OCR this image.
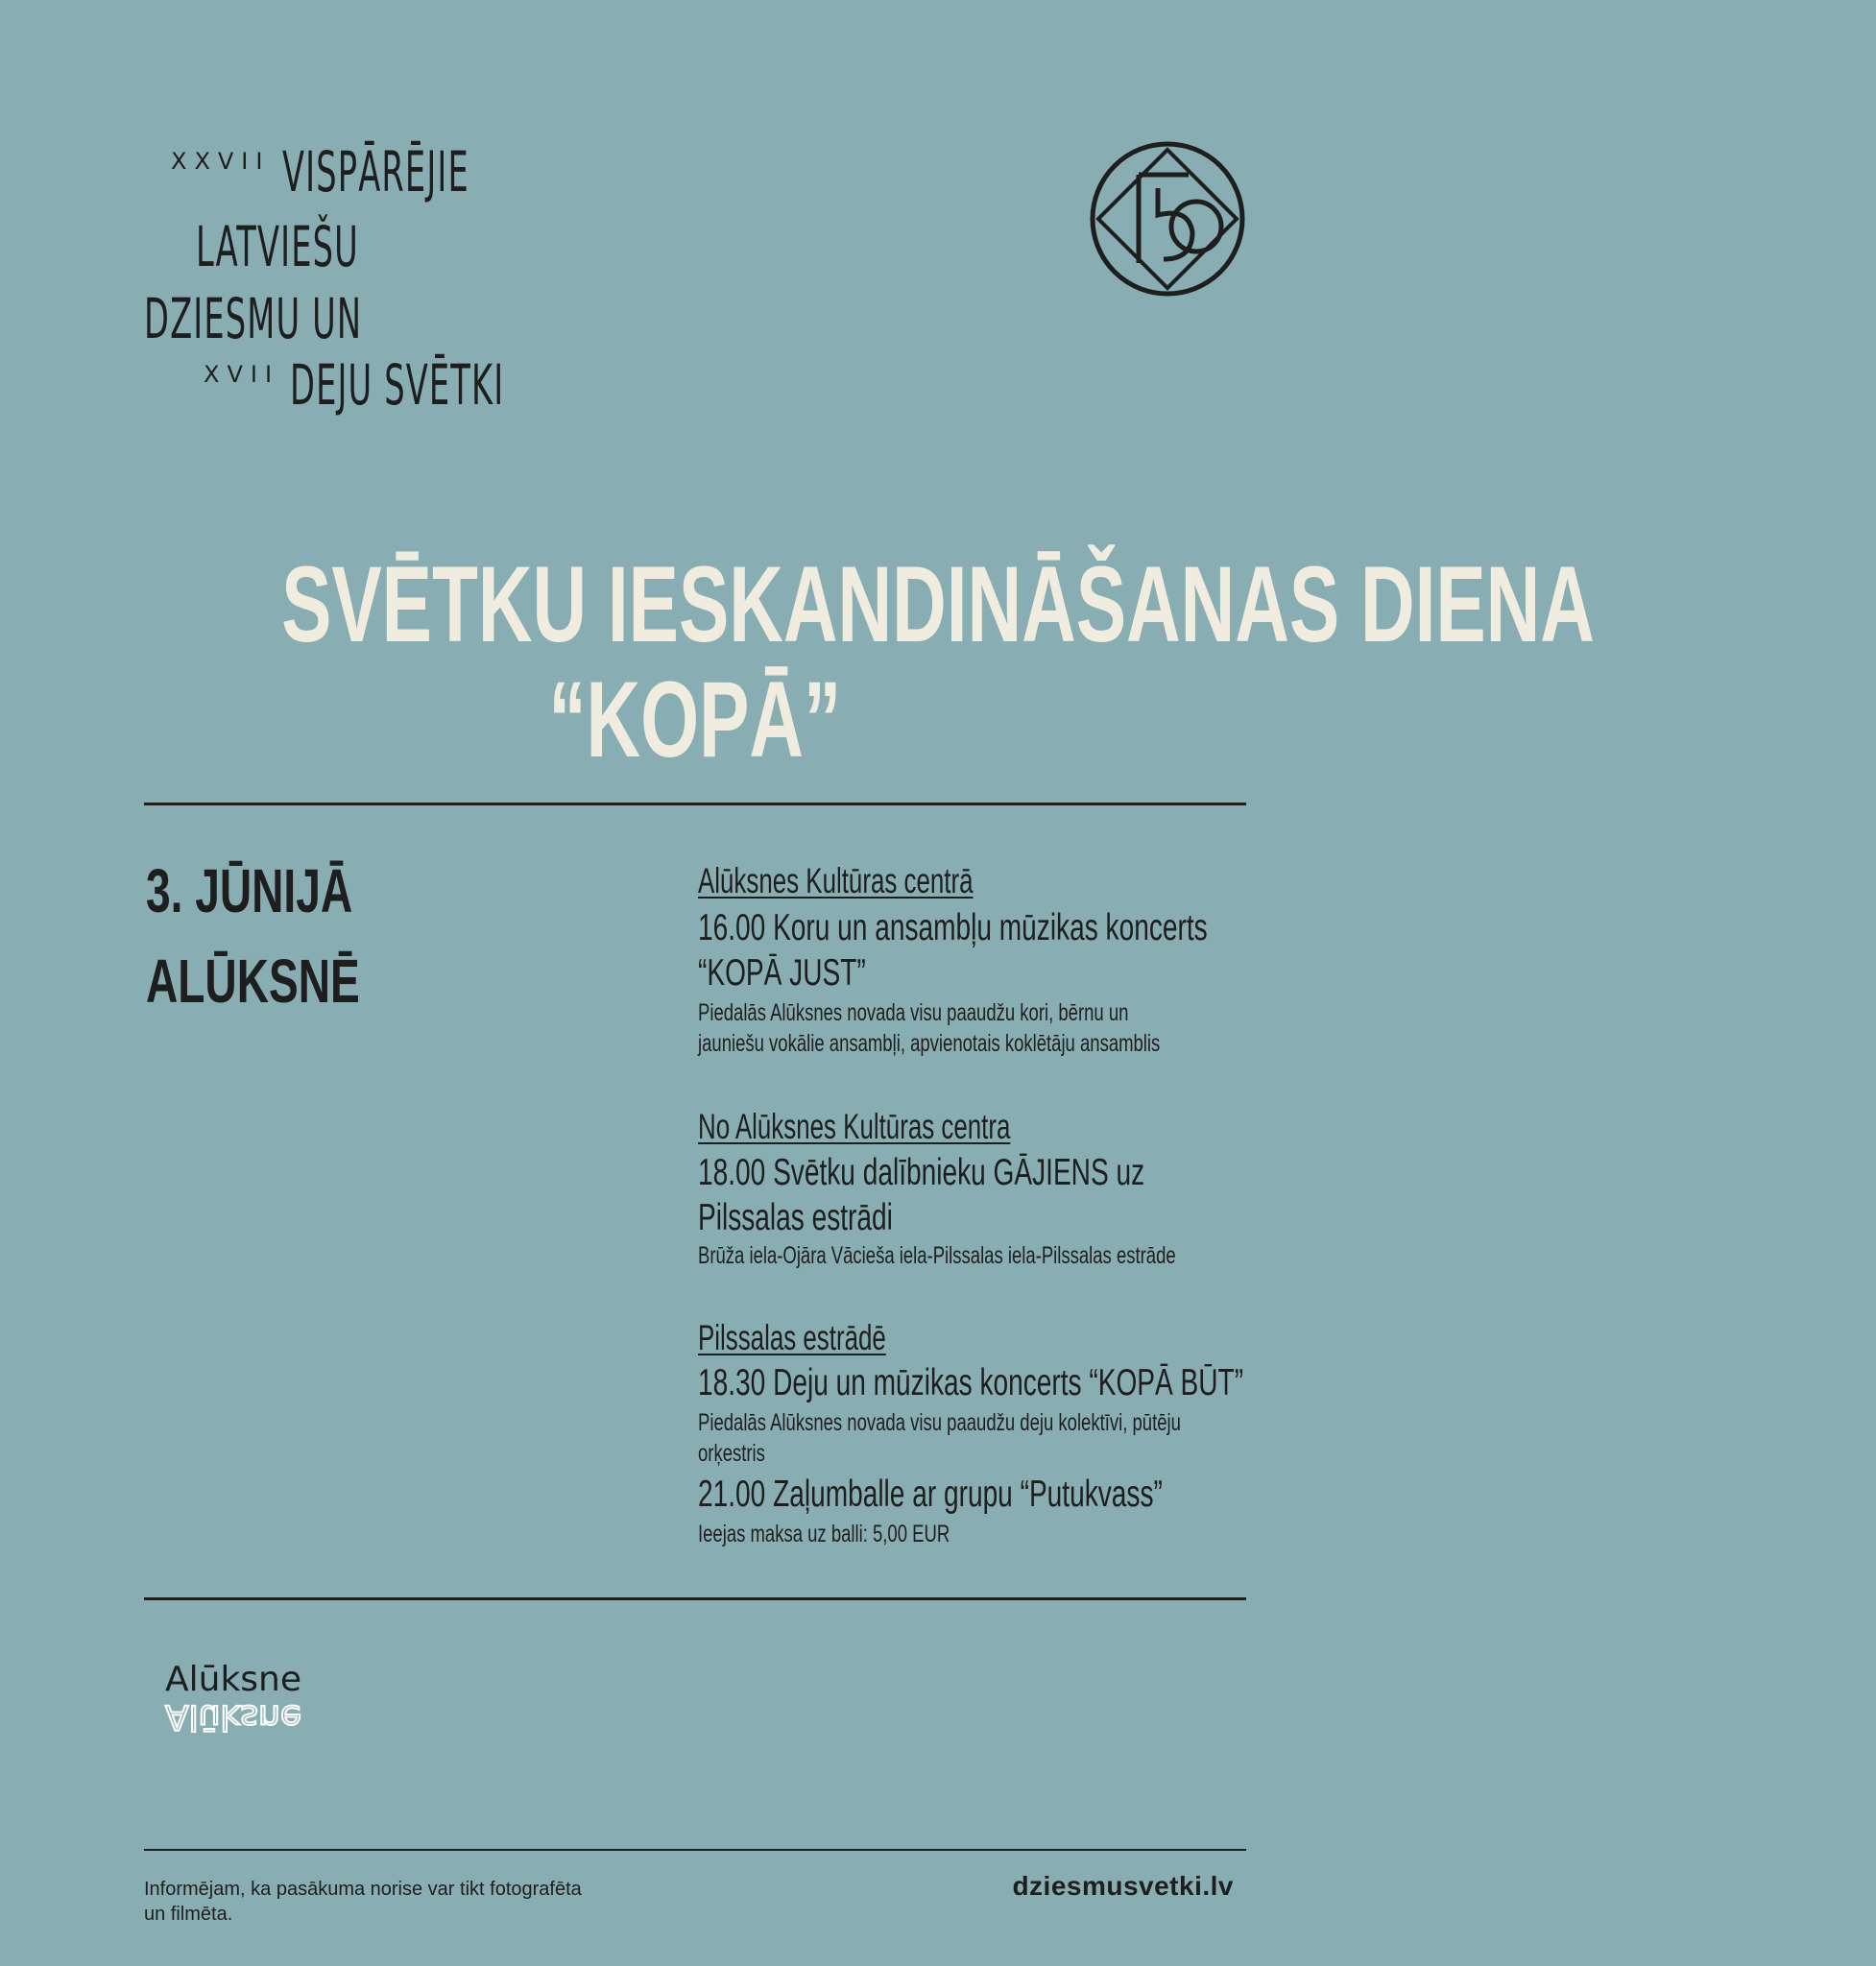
XXVII VISPĀRĒJIE
LATVIEŠU
DZIESMU UN
XVII DEJU SVĒTKI
SVĒTKU IESKANDINĀŠANAS DIENA
“KOPĀ”
3. JŪNIJĀ
ALŪKSNĒ
Alūksnes Kultūras centrā
16.00 Koru un ansambļu mūzikas koncerts
“KOPĀ JUST”
Piedalās Alūksnes novada visu paaudžu kori, bērnu un
jauniešu vokālie ansambļi, apvienotais koklētāju ansamblis
No Alūksnes Kultūras centra
18.00 Svētku dalībnieku GĀJIENS uz
Pilssalas estrādi
Brūža iela-Ojāra Vācieša iela-Pilssalas iela-Pilssalas estrāde
Pilssalas estrādē
18.30 Deju un mūzikas koncerts “KOPĀ BŪT”
Piedalās Alūksnes novada visu paaudžu deju kolektīvi, pūtēju
orķestris
21.00 Zaļumballe ar grupu “Putukvass”
Ieejas maksa uz balli: 5,00 EUR
Alūksne
Alūksne
Informējam, ka pasākuma norise var tikt fotografēta
un filmēta.
dziesmusvetki.lv
